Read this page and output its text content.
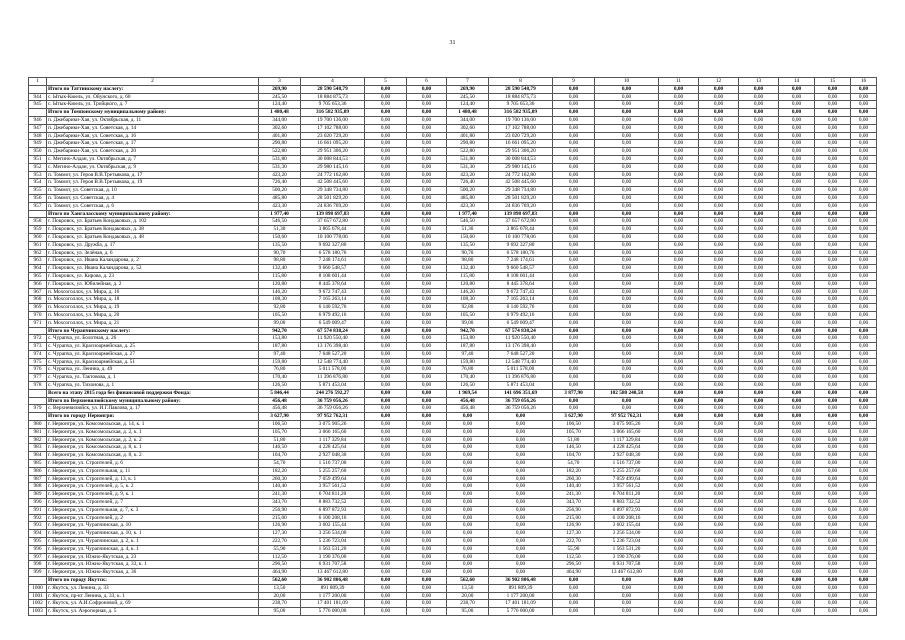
31
1	2	3	4	5	6	7	8	9	10	11	12	13	14	15	16
	Итого по Таттинскому наслегу:	269,90	28 590 548,79	0,00	0,00	269,90	28 590 548,79	0,00	0,00	0,00	0,00	0,00	0,00	0,00	0,00
944	с. Ытык-Кюель, ул. Ойунского, д. 60	245,50	18 884 875,73	0,00	0,00	245,50	18 884 875,73	0,00	0,00	0,00	0,00	0,00	0,00	0,00	0,00
945	с. Ытык-Кюель, ул. Тройцкого, д. 7	124,40	9 705 653,36	0,00	0,00	124,40	9 705 653,36	0,00	0,00	0,00	0,00	0,00	0,00	0,00	0,00
	Итого по Томпонскому муниципальному району:	1 480,48	316 582 935,09	0,00	0,00	1 480,48	316 582 935,09	0,00	0,00	0,00	0,00	0,00	0,00	0,00	0,00
946	п. Джебарики-Хая, ул. Октябрьская, д. 11	344,00	19 700 136,00	0,00	0,00	344,00	19 700 136,00	0,00	0,00	0,00	0,00	0,00	0,00	0,00	0,00
947	п. Джебарики-Хая, ул. Советская, д. 14	302,60	17 102 788,00	0,00	0,00	302,60	17 102 788,00	0,00	0,00	0,00	0,00	0,00	0,00	0,00	0,00
948	п. Джебарики-Хая, ул. Советская, д. 16	401,80	23 020 729,20	0,00	0,00	401,80	23 020 729,20	0,00	0,00	0,00	0,00	0,00	0,00	0,00	0,00
949	п. Джебарики-Хая, ул. Советская, д. 17	290,80	16 661 095,20	0,00	0,00	290,80	16 661 095,20	0,00	0,00	0,00	0,00	0,00	0,00	0,00	0,00
950	п. Джебарики-Хая, ул. Советская, д. 20	522,80	29 951 306,20	0,00	0,00	522,80	29 951 306,20	0,00	0,00	0,00	0,00	0,00	0,00	0,00	0,00
951	с. Мегино-Алдан, ул. Октябрьская, д. 7	531,80	30 008 844,53	0,00	0,00	531,80	30 008 844,53	0,00	0,00	0,00	0,00	0,00	0,00	0,00	0,00
952	с. Мегино-Алдан, ул. Октябрьская, д. 9	531,30	29 980 145,16	0,00	0,00	531,30	29 980 145,16	0,00	0,00	0,00	0,00	0,00	0,00	0,00	0,00
953	п. Томмот, ул. Героя В.В.Третьякова, д. 17	423,20	24 772 162,80	0,00	0,00	423,20	24 772 162,80	0,00	0,00	0,00	0,00	0,00	0,00	0,00	0,00
954	п. Томмот, ул. Героя В.В.Третьякова, д. 19	726,40	42 508 445,60	0,00	0,00	726,40	42 508 445,60	0,00	0,00	0,00	0,00	0,00	0,00	0,00	0,00
955	п. Томмот, ул. Советская, д. 10	500,20	29 348 734,80	0,00	0,00	500,20	29 348 734,80	0,00	0,00	0,00	0,00	0,00	0,00	0,00	0,00
956	п. Томмот, ул. Советская, д. 4	485,80	28 501 829,20	0,00	0,00	485,80	28 501 829,20	0,00	0,00	0,00	0,00	0,00	0,00	0,00	0,00
957	п. Томмот, ул. Советская, д. 6	423,30	24 836 769,20	0,00	0,00	423,30	24 836 769,20	0,00	0,00	0,00	0,00	0,00	0,00	0,00	0,00
	Итого по Хангаласскому муниципальному району:	1 977,40	139 898 697,83	0,00	0,00	1 977,40	139 898 697,83	0,00	0,00	0,00	0,00	0,00	0,00	0,00	0,00
958	г. Покровск, ул. Братьев Кондаковых, д. 102	546,50	37 657 672,80	0,00	0,00	546,50	37 657 672,80	0,00	0,00	0,00	0,00	0,00	0,00	0,00	0,00
959	г. Покровск, ул. Братьев Кондаковых, д. 38	51,30	3 865 678,44	0,00	0,00	51,30	3 865 678,44	0,00	0,00	0,00	0,00	0,00	0,00	0,00	0,00
960	г. Покровск, ул. Братьев Кондаковых, д. 48	150,60	10 100 778,06	0,00	0,00	150,60	10 100 778,06	0,00	0,00	0,00	0,00	0,00	0,00	0,00	0,00
961	г. Покровск, ул. Дружба, д. 17	135,50	9 692 327,80	0,00	0,00	135,50	9 692 327,80	0,00	0,00	0,00	0,00	0,00	0,00	0,00	0,00
962	г. Покровск, ул. Зелёная, д. 6	90,70	6 578 180,76	0,00	0,00	90,70	6 578 180,76	0,00	0,00	0,00	0,00	0,00	0,00	0,00	0,00
963	г. Покровск, ул. Ивана Каландарова, д. 2	98,80	7 248 174,61	0,00	0,00	98,80	7 248 174,61	0,00	0,00	0,00	0,00	0,00	0,00	0,00	0,00
964	г. Покровск, ул. Ивана Каландарова, д. 52	132,40	9 660 548,57	0,00	0,00	132,40	9 660 548,57	0,00	0,00	0,00	0,00	0,00	0,00	0,00	0,00
965	г. Покровск, ул. Кирова, д. 23	115,80	8 108 601,44	0,00	0,00	115,80	8 108 601,44	0,00	0,00	0,00	0,00	0,00	0,00	0,00	0,00
966	г. Покровск, ул. Юбилейная, д. 2	120,80	8 445 378,64	0,00	0,00	120,80	8 445 378,64	0,00	0,00	0,00	0,00	0,00	0,00	0,00	0,00
967	п. Мохсоголлох, ул. Мира, д. 16	146,20	9 672 747,43	0,00	0,00	146,20	9 672 747,43	0,00	0,00	0,00	0,00	0,00	0,00	0,00	0,00
968	п. Мохсоголлох, ул. Мира, д. 18	108,30	7 165 263,14	0,00	0,00	108,30	7 165 263,14	0,00	0,00	0,00	0,00	0,00	0,00	0,00	0,00
969	п. Мохсоголлох, ул. Мира, д. 19	92,80	6 140 592,76	0,00	0,00	92,80	6 140 592,76	0,00	0,00	0,00	0,00	0,00	0,00	0,00	0,00
970	п. Мохсоголлох, ул. Мира, д. 20	105,50	6 979 492,16	0,00	0,00	105,50	6 979 492,16	0,00	0,00	0,00	0,00	0,00	0,00	0,00	0,00
971	п. Мохсоголлох, ул. Мира, д. 21	99,00	6 549 009,47	0,00	0,00	99,00	6 549 009,47	0,00	0,00	0,00	0,00	0,00	0,00	0,00	0,00
	Итого по Чурапчинскому наслегу:	942,70	67 574 838,24	0,00	0,00	942,70	67 574 838,24	0,00	0,00	0,00	0,00	0,00	0,00	0,00	0,00
972	с. Чурапча, ул. Болотная, д. 26	153,80	11 920 550,40	0,00	0,00	153,80	11 920 550,40	0,00	0,00	0,00	0,00	0,00	0,00	0,00	0,00
973	с. Чурапча, ул. Красноармейская, д. 25	187,80	13 176 398,40	0,00	0,00	187,80	13 176 398,40	0,00	0,00	0,00	0,00	0,00	0,00	0,00	0,00
974	с. Чурапча, ул. Красноармейская, д. 27	97,40	7 648 527,20	0,00	0,00	97,40	7 648 527,20	0,00	0,00	0,00	0,00	0,00	0,00	0,00	0,00
975	с. Чурапча, ул. Красноармейская, д. 51	159,80	12 548 774,40	0,00	0,00	159,80	12 548 774,40	0,00	0,00	0,00	0,00	0,00	0,00	0,00	0,00
976	с. Чурапча, ул. Ленина, д. 49	76,80	5 011 578,00	0,00	0,00	76,80	5 011 578,00	0,00	0,00	0,00	0,00	0,00	0,00	0,00	0,00
977	с. Чурапча, ул. Тактовова, д. 1	170,40	11 396 876,80	0,00	0,00	170,40	11 396 876,80	0,00	0,00	0,00	0,00	0,00	0,00	0,00	0,00
978	с. Чурапча, ул. Тихонова, д. 1	126,50	5 871 453,04	0,00	0,00	126,50	5 871 453,04	0,00	0,00	0,00	0,00	0,00	0,00	0,00	0,00
	Всего на этапу 2015 года без финансовой поддержки Фонда:	5 846,44	244 276 592,27	0,00	0,00	1 969,54	141 696 351,69	3 877,90	102 580 240,58	0,00	0,00	0,00	0,00	0,00	0,00
	Итого по Верхневилюйскому муниципальному району:	456,48	36 759 056,26	0,00	0,00	456,48	36 759 056,26	0,00	0,00	0,00	0,00	0,00	0,00	0,00	0,00
979	с. Верхневилюйск, ул. И.Г.Павлова, д. 17	456,48	36 759 056,26	0,00	0,00	456,48	36 759 056,26	0,00	0,00	0,00	0,00	0,00	0,00	0,00	0,00
	Итого по городу Нерюнгри:	3 627,90	97 952 762,31	0,00	0,00	0,00	0,00	3 627,90	97 952 762,31	0,00	0,00	0,00	0,00	0,00	0,00
980	г. Нерюнгри, ул. Комсомольская, д. 14, к. 1	106,50	3 075 905,26	0,00	0,00	0,00	0,00	106,50	3 075 905,26	0,00	0,00	0,00	0,00	0,00	0,00
981	г. Нерюнгри, ул. Комсомольская, д. 2, к. 1	105,70	3 066 165,60	0,00	0,00	0,00	0,00	105,70	3 066 165,60	0,00	0,00	0,00	0,00	0,00	0,00
982	г. Нерюнгри, ул. Комсомольская, д. 2, к. 2	51,80	1 117 329,84	0,00	0,00	0,00	0,00	51,80	1 117 329,84	0,00	0,00	0,00	0,00	0,00	0,00
983	г. Нерюнгри, ул. Комсомольская, д. 8, к. 1	146,50	4 228 425,64	0,00	0,00	0,00	0,00	146,50	4 228 425,64	0,00	0,00	0,00	0,00	0,00	0,00
984	г. Нерюнгри, ул. Комсомольская, д. 8, к. 2	104,70	2 927 048,30	0,00	0,00	0,00	0,00	104,70	2 927 048,30	0,00	0,00	0,00	0,00	0,00	0,00
985	г. Нерюнгри, ул. Строителей, д. 6	54,70	1 516 737,00	0,00	0,00	0,00	0,00	54,70	1 516 737,00	0,00	0,00	0,00	0,00	0,00	0,00
986	г. Нерюнгри, ул. Строительная, д. 11	182,20	5 255 257,60	0,00	0,00	0,00	0,00	182,20	5 255 257,60	0,00	0,00	0,00	0,00	0,00	0,00
987	г. Нерюнгри, ул. Строителей, д. 13, к. 1	260,30	7 059 499,64	0,00	0,00	0,00	0,00	260,30	7 059 499,64	0,00	0,00	0,00	0,00	0,00	0,00
988	г. Нерюнгри, ул. Строителей, д. 5, к. 2	140,40	3 957 561,52	0,00	0,00	0,00	0,00	140,40	3 957 561,52	0,00	0,00	0,00	0,00	0,00	0,00
989	г. Нерюнгри, ул. Строителей, д. 9, к. 1	241,30	6 704 811,20	0,00	0,00	0,00	0,00	241,30	6 704 811,20	0,00	0,00	0,00	0,00	0,00	0,00
990	г. Нерюнгри, ул. Строителей, д. 7	343,70	8 883 732,52	0,00	0,00	0,00	0,00	343,70	8 883 732,52	0,00	0,00	0,00	0,00	0,00	0,00
991	г. Нерюнгри, ул. Строительная, д. 7, к. 3	256,90	6 897 872,93	0,00	0,00	0,00	0,00	256,90	6 897 872,93	0,00	0,00	0,00	0,00	0,00	0,00
992	г. Нерюнгри, ул. Строителей, д. 2	215,00	6 100 208,16	0,00	0,00	0,00	0,00	215,00	6 100 208,16	0,00	0,00	0,00	0,00	0,00	0,00
993	г. Нерюнгри, ул. Чурапчинская, д. 10	126,90	3 602 155,44	0,00	0,00	0,00	0,00	126,90	3 602 155,44	0,00	0,00	0,00	0,00	0,00	0,00
994	г. Нерюнгри, ул. Чурапчинская, д. 10, к. 1	127,30	3 256 534,00	0,00	0,00	0,00	0,00	127,30	3 256 534,00	0,00	0,00	0,00	0,00	0,00	0,00
995	г. Нерюнгри, ул. Чурапчинская, д. 2, к. 1	222,70	5 236 723,04	0,00	0,00	0,00	0,00	222,70	5 236 723,04	0,00	0,00	0,00	0,00	0,00	0,00
996	г. Нерюнгри, ул. Чурапчинская, д. 4, к. 1	55,90	1 563 531,20	0,00	0,00	0,00	0,00	55,90	1 563 531,20	0,00	0,00	0,00	0,00	0,00	0,00
997	г. Нерюнгри, ул. Южно-Якутская, д. 23	112,50	3 190 376,00	0,00	0,00	0,00	0,00	112,50	3 190 376,00	0,00	0,00	0,00	0,00	0,00	0,00
998	г. Нерюнгри, ул. Южно-Якутская, д. 33, к. 1	296,50	6 931 707,58	0,00	0,00	0,00	0,00	296,50	6 931 707,58	0,00	0,00	0,00	0,00	0,00	0,00
999	г. Нерюнгри, ул. Южно-Якутская, д. 36	464,90	13 467 612,80	0,00	0,00	0,00	0,00	464,90	13 467 612,80	0,00	0,00	0,00	0,00	0,00	0,00
	Итого по городу Якутск:	562,60	36 902 806,48	0,00	0,00	562,60	36 902 806,48	0,00	0,00	0,00	0,00	0,00	0,00	0,00	0,00
1000	г. Якутск, ул. Ленина, д. 33	13,50	891 809,39	0,00	0,00	13,50	891 809,39	0,00	0,00	0,00	0,00	0,00	0,00	0,00	0,00
1001	г. Якутск, пр-кт Ленина, д. 33, к. 1	20,00	1 177 200,00	0,00	0,00	20,00	1 177 200,00	0,00	0,00	0,00	0,00	0,00	0,00	0,00	0,00
1002	г. Якутск, ул. А.И.Софроновой, д. 69	238,70	17 401 181,09	0,00	0,00	238,70	17 401 181,09	0,00	0,00	0,00	0,00	0,00	0,00	0,00	0,00
1003	г. Якутск, ул. Аэропорная, д. 5	95,00	5 776 000,00	0,00	0,00	95,00	5 776 000,00	0,00	0,00	0,00	0,00	0,00	0,00	0,00	0,00
